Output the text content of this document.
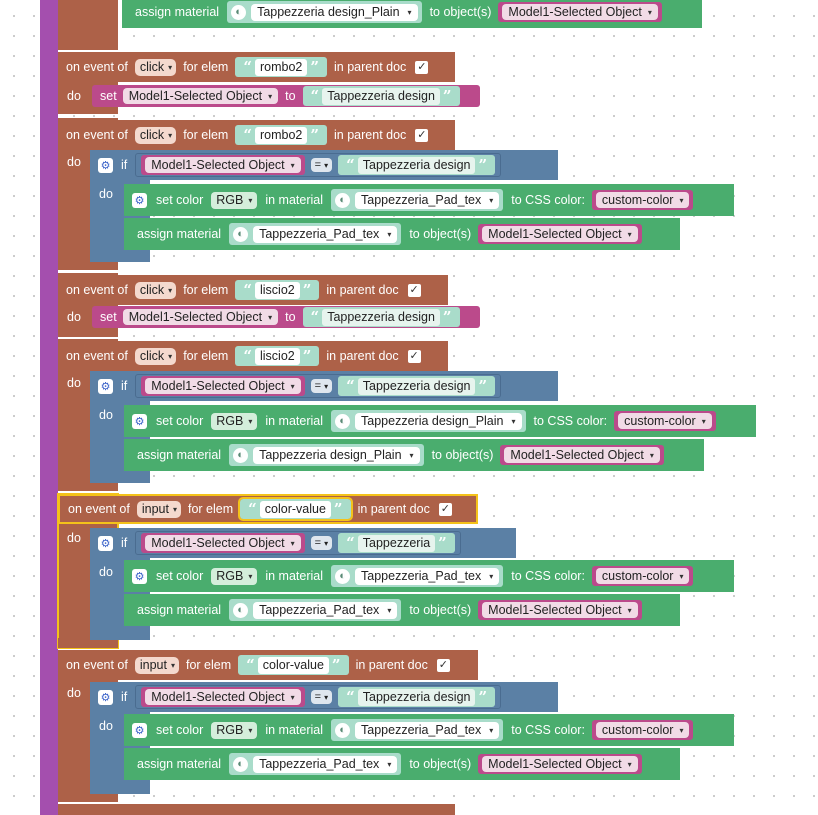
assign material	◐	Tappezzeria design_Plain ▾ to object(s) Model1-Selected Object ▾
on event of click ▾ for elem “ rombo2 ” in parent doc ✓
do set Model1-Selected Object ▾ to “ Tappezzeria design ”
on event of click ▾ for elem “ rombo2 ” in parent doc ✓
do ⚙ if Model1-Selected Object ▾ = ▾ “ Tappezzeria design ”
do ⚙ set color RGB ▾ in material	◐	Tappezzeria_Pad_tex ▾ to CSS color: custom-color ▾
assign material	◐	Tappezzeria_Pad_tex ▾ to object(s) Model1-Selected Object ▾
on event of click ▾ for elem “ liscio2 ” in parent doc ✓
do set Model1-Selected Object ▾ to “ Tappezzeria design ”
on event of click ▾ for elem “ liscio2 ” in parent doc ✓
do ⚙ if Model1-Selected Object ▾ = ▾ “ Tappezzeria design ”
do ⚙ set color RGB ▾ in material	◐	Tappezzeria design_Plain ▾ to CSS color: custom-color ▾
assign material	◐	Tappezzeria design_Plain ▾ to object(s) Model1-Selected Object ▾
on event of input ▾ for elem “ color-value ” in parent doc ✓
do ⚙ if Model1-Selected Object ▾ = ▾ “ Tappezzeria ”
do ⚙ set color RGB ▾ in material	◐	Tappezzeria_Pad_tex ▾ to CSS color: custom-color ▾
assign material	◐	Tappezzeria_Pad_tex ▾ to object(s) Model1-Selected Object ▾
on event of input ▾ for elem “ color-value ” in parent doc ✓
do ⚙ if Model1-Selected Object ▾ = ▾ “ Tappezzeria design ”
do ⚙ set color RGB ▾ in material	◐	Tappezzeria_Pad_tex ▾ to CSS color: custom-color ▾
assign material	◐	Tappezzeria_Pad_tex ▾ to object(s) Model1-Selected Object ▾
